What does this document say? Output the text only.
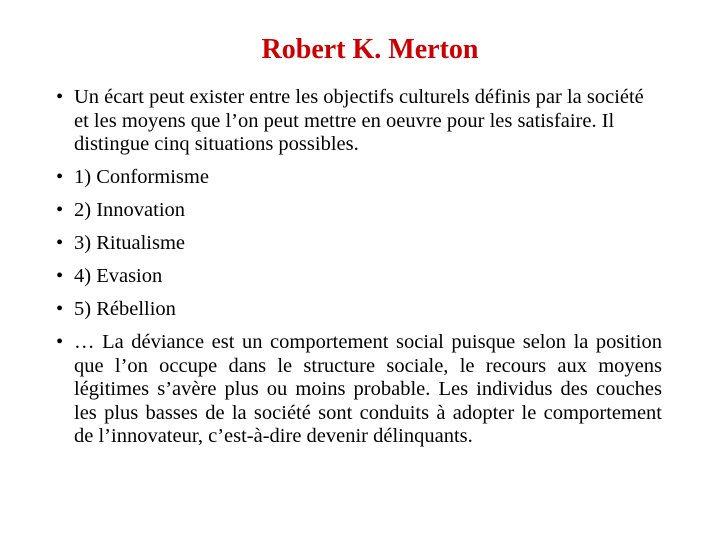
Robert K. Merton
• Un écart peut exister entre les objectifs culturels définis par la société et les moyens que l’on peut mettre en oeuvre pour les satisfaire. Il distingue cinq situations possibles.
• 1) Conformisme
• 2) Innovation
• 3) Ritualisme
• 4) Evasion
• 5) Rébellion
• … La déviance est un comportement social puisque selon la position que l’on occupe dans le structure sociale, le recours aux moyens légitimes s’avère plus ou moins probable. Les individus des couches les plus basses de la société sont conduits à adopter le comportement de l’innovateur, c’est-à-dire devenir délinquants.
